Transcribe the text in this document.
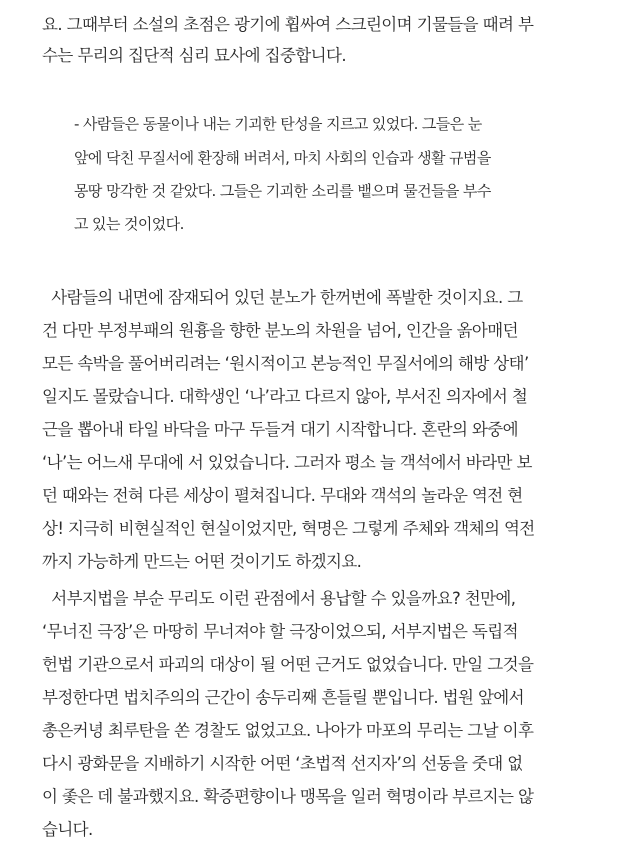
요. 그때부터 소설의 초점은 광기에 휩싸여 스크린이며 기물들을 때려 부
수는 무리의 집단적 심리 묘사에 집중합니다.
- 사람들은 동물이나 내는 기괴한 탄성을 지르고 있었다. 그들은 눈
앞에 닥친 무질서에 환장해 버려서, 마치 사회의 인습과 생활 규범을
몽땅 망각한 것 같았다. 그들은 기괴한 소리를 뱉으며 물건들을 부수
고 있는 것이었다.
사람들의 내면에 잠재되어 있던 분노가 한꺼번에 폭발한 것이지요. 그
건 다만 부정부패의 원흉을 향한 분노의 차원을 넘어, 인간을 옭아매던
모든 속박을 풀어버리려는 ‘원시적이고 본능적인 무질서에의 해방 상태’
일지도 몰랐습니다. 대학생인 ‘나’라고 다르지 않아, 부서진 의자에서 철
근을 뽑아내 타일 바닥을 마구 두들겨 대기 시작합니다. 혼란의 와중에
‘나’는 어느새 무대에 서 있었습니다. 그러자 평소 늘 객석에서 바라만 보
던 때와는 전혀 다른 세상이 펼쳐집니다. 무대와 객석의 놀라운 역전 현
상! 지극히 비현실적인 현실이었지만, 혁명은 그렇게 주체와 객체의 역전
까지 가능하게 만드는 어떤 것이기도 하겠지요.
서부지법을 부순 무리도 이런 관점에서 용납할 수 있을까요? 천만에,
‘무너진 극장’은 마땅히 무너져야 할 극장이었으되, 서부지법은 독립적
헌법 기관으로서 파괴의 대상이 될 어떤 근거도 없었습니다. 만일 그것을
부정한다면 법치주의의 근간이 송두리째 흔들릴 뿐입니다. 법원 앞에서
총은커녕 최루탄을 쏜 경찰도 없었고요. 나아가 마포의 무리는 그날 이후
다시 광화문을 지배하기 시작한 어떤 ‘초법적 선지자’의 선동을 줏대 없
이 좇은 데 불과했지요. 확증편향이나 맹목을 일러 혁명이라 부르지는 않
습니다.
